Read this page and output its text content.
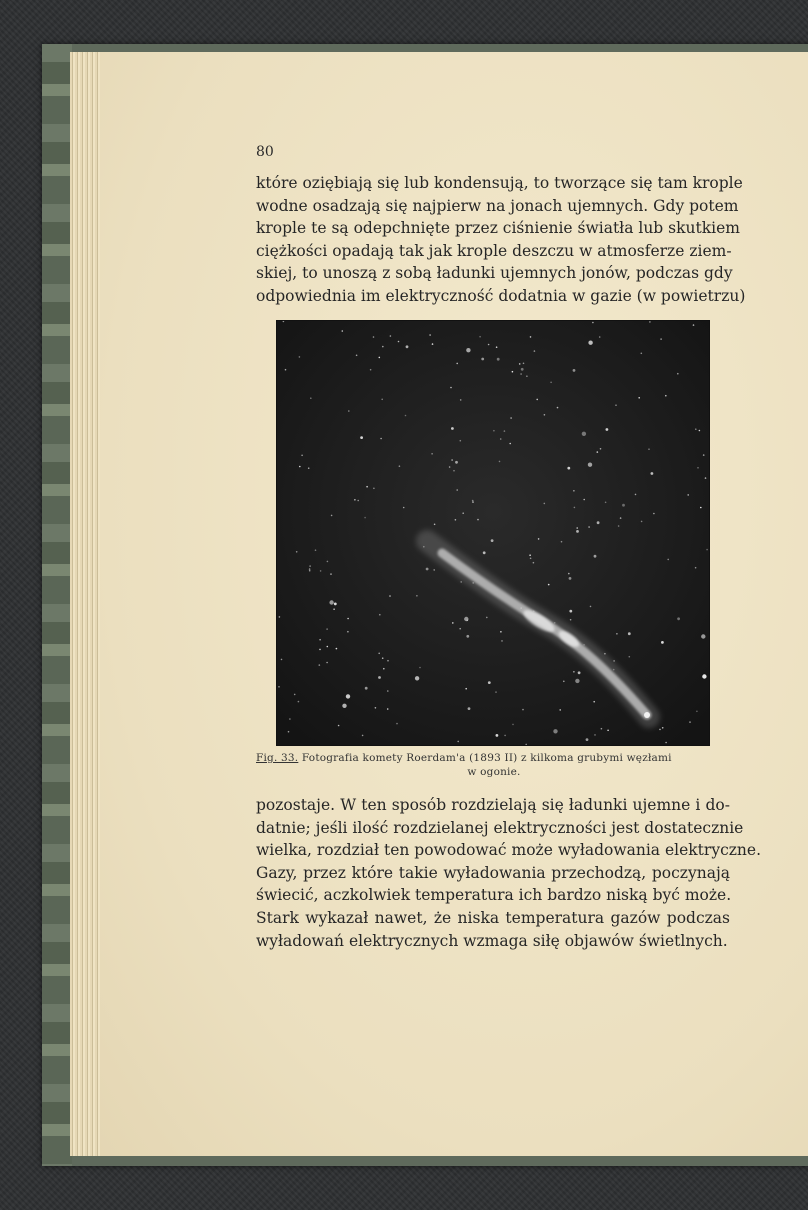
80
które oziębiają się lub kondensują, to tworzące się tam krople
wodne osadzają się najpierw na jonach ujemnych. Gdy potem
krople te są odepchnięte przez ciśnienie światła lub skutkiem
ciężkości opadają tak jak krople deszczu w atmosferze ziem-
skiej, to unoszą z sobą ładunki ujemnych jonów, podczas gdy
odpowiednia im elektryczność dodatnia w gazie (w powietrzu)
Fig. 33. Fotografia komety Roerdam'a (1893 II) z kilkoma grubymi węzłami
w ogonie.
pozostaje. W ten sposób rozdzielają się ładunki ujemne i do-
datnie; jeśli ilość rozdzielanej elektryczności jest dostatecznie
wielka, rozdział ten powodować może wyładowania elektryczne.
Gazy, przez które takie wyładowania przechodzą, poczynają
świecić, aczkolwiek temperatura ich bardzo niską być może.
Stark wykazał nawet, że niska temperatura gazów podczas
wyładowań elektrycznych wzmaga siłę objawów świetlnych.
